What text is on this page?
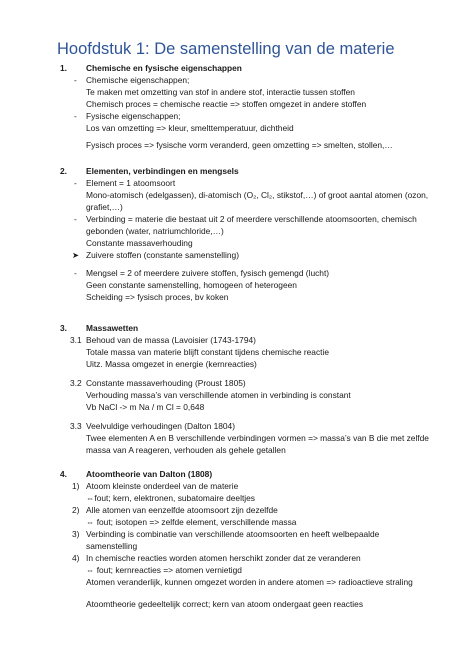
Hoofdstuk 1: De samenstelling van de materie
1. Chemische en fysische eigenschappen
- Chemische eigenschappen;
Te maken met omzetting van stof in andere stof, interactie tussen stoffen
Chemisch proces = chemische reactie => stoffen omgezet in andere stoffen
- Fysische eigenschappen;
Los van omzetting => kleur, smelttemperatuur, dichtheid
Fysisch proces => fysische vorm veranderd, geen omzetting => smelten, stollen,…
2. Elementen, verbindingen en mengsels
- Element = 1 atoomsoort
Mono-atomisch (edelgassen), di-atomisch (O₂, Cl₂, stikstof,…) of groot aantal atomen (ozon,
grafiet,…)
- Verbinding = materie die bestaat uit 2 of meerdere verschillende atoomsoorten, chemisch
gebonden (water, natriumchloride,…)
Constante massaverhouding
➤ Zuivere stoffen (constante samenstelling)
- Mengsel = 2 of meerdere zuivere stoffen, fysisch gemengd (lucht)
Geen constante samenstelling, homogeen of heterogeen
Scheiding => fysisch proces, bv koken
3. Massawetten
3.1 Behoud van de massa (Lavoisier (1743-1794)
Totale massa van materie blijft constant tijdens chemische reactie
Uitz. Massa omgezet in energie (kernreacties)
3.2 Constante massaverhouding (Proust 1805)
Verhouding massa’s van verschillende atomen in verbinding is constant
Vb NaCl -> m Na / m Cl = 0,648
3.3 Veelvuldige verhoudingen (Dalton 1804)
Twee elementen A en B verschillende verbindingen vormen => massa’s van B die met zelfde
massa van A reageren, verhouden als gehele getallen
4. Atoomtheorie van Dalton (1808)
1) Atoom kleinste onderdeel van de materie
⇔fout; kern, elektronen, subatomaire deeltjes
2) Alle atomen van eenzelfde atoomsoort zijn dezelfde
⇔ fout; isotopen => zelfde element, verschillende massa
3) Verbinding is combinatie van verschillende atoomsoorten en heeft welbepaalde
samenstelling
4) In chemische reacties worden atomen herschikt zonder dat ze veranderen
⇔ fout; kernreacties => atomen vernietigd
Atomen veranderlijk, kunnen omgezet worden in andere atomen => radioactieve straling
Atoomtheorie gedeeltelijk correct; kern van atoom ondergaat geen reacties
